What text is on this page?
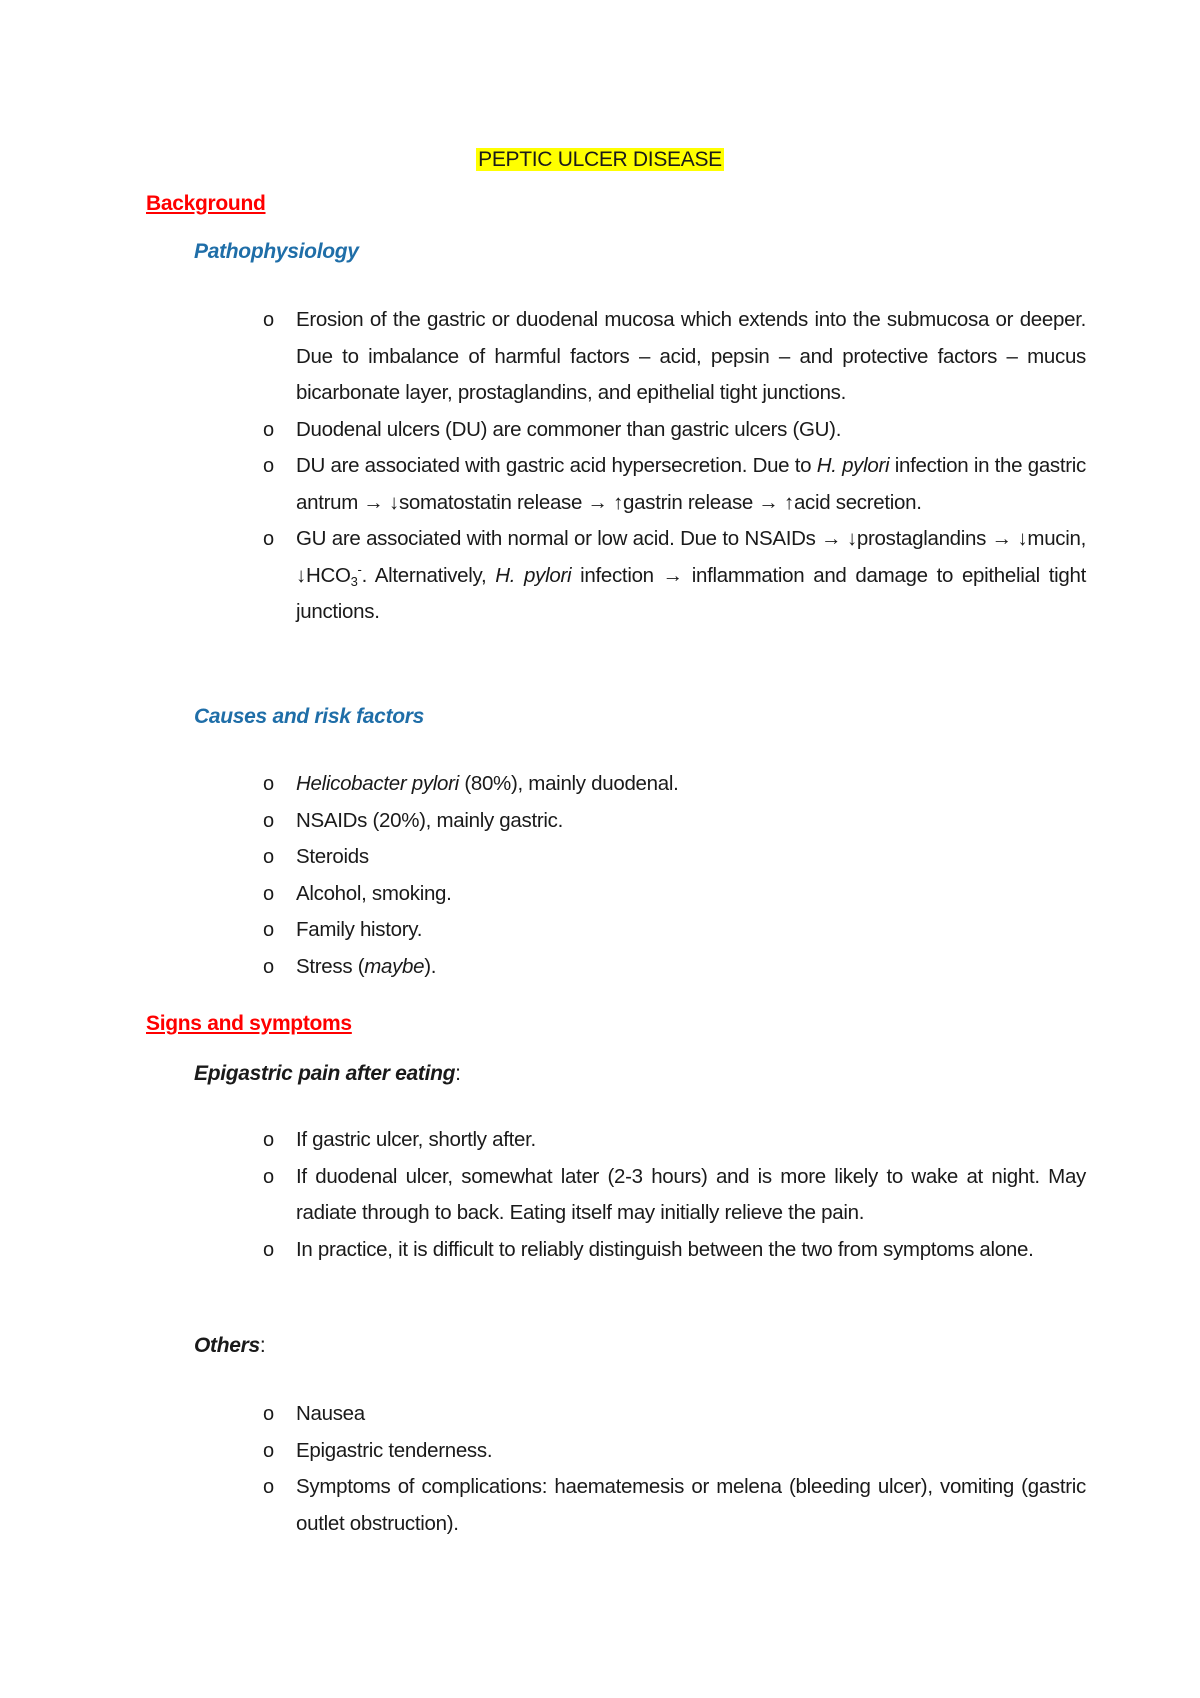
PEPTIC ULCER DISEASE
Background
Pathophysiology
o Erosion of the gastric or duodenal mucosa which extends into the submucosa or deeper. Due to imbalance of harmful factors – acid, pepsin – and protective factors – mucus bicarbonate layer, prostaglandins, and epithelial tight junctions.
o Duodenal ulcers (DU) are commoner than gastric ulcers (GU).
o DU are associated with gastric acid hypersecretion. Due to H. pylori infection in the gastric antrum → ↓somatostatin release → ↑gastrin release → ↑acid secretion.
o GU are associated with normal or low acid. Due to NSAIDs → ↓prostaglandins → ↓mucin, $↓HCO_3^-$. Alternatively, H. pylori infection → inflammation and damage to epithelial tight junctions.
Causes and risk factors
o Helicobacter pylori (80%), mainly duodenal.
o NSAIDs (20%), mainly gastric.
o Steroids
o Alcohol, smoking.
o Family history.
o Stress (maybe).
Signs and symptoms
Epigastric pain after eating:
o If gastric ulcer, shortly after.
o If duodenal ulcer, somewhat later (2-3 hours) and is more likely to wake at night. May radiate through to back. Eating itself may initially relieve the pain.
o In practice, it is difficult to reliably distinguish between the two from symptoms alone.
Others:
o Nausea
o Epigastric tenderness.
o Symptoms of complications: haematemesis or melena (bleeding ulcer), vomiting (gastric outlet obstruction).
